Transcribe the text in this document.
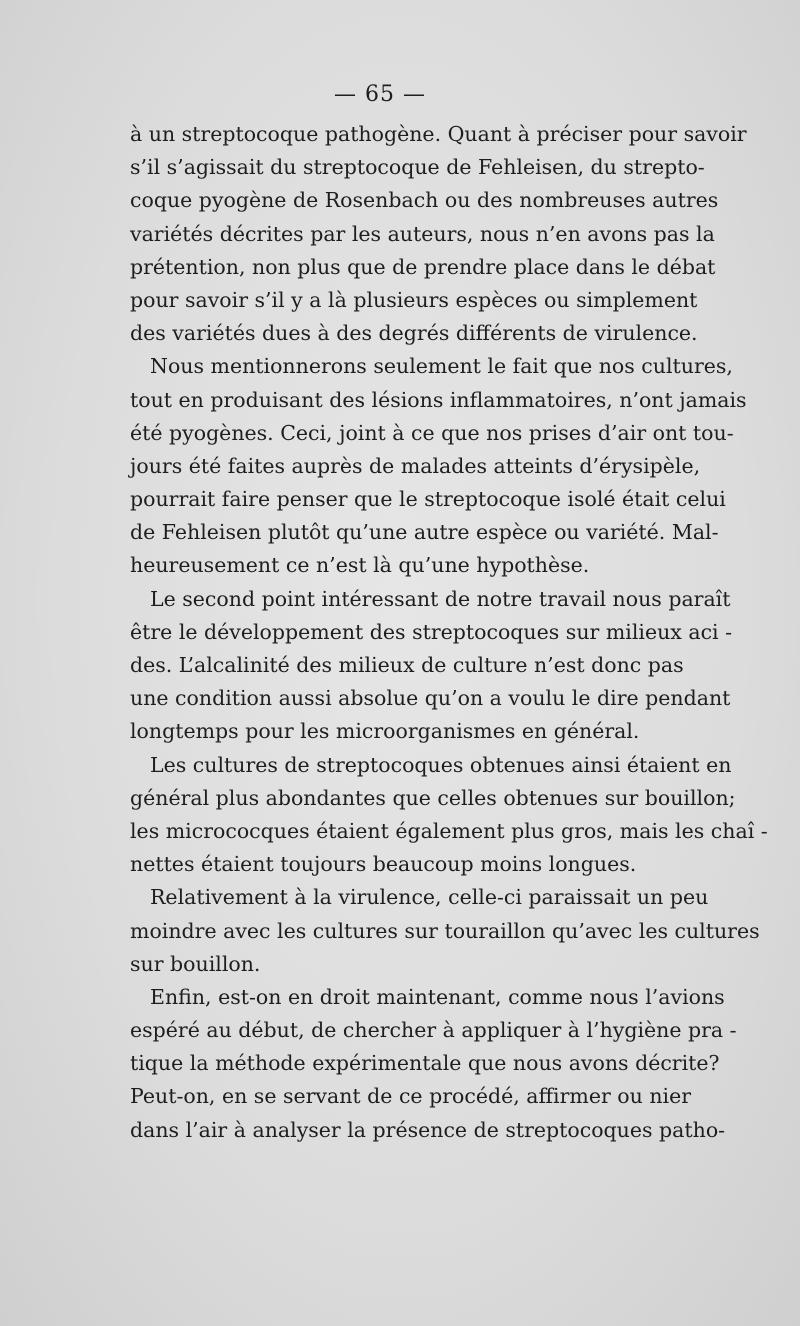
— 65 —
à un streptocoque pathogène. Quant à préciser pour savoir
s’il s’agissait du streptocoque de Fehleisen, du strepto-
coque pyogène de Rosenbach ou des nombreuses autres
variétés décrites par les auteurs, nous n’en avons pas la
prétention, non plus que de prendre place dans le débat
pour savoir s’il y a là plusieurs espèces ou simplement
des variétés dues à des degrés différents de virulence.
Nous mentionnerons seulement le fait que nos cultures,
tout en produisant des lésions inflammatoires, n’ont jamais
été pyogènes. Ceci, joint à ce que nos prises d’air ont tou-
jours été faites auprès de malades atteints d’érysipèle,
pourrait faire penser que le streptocoque isolé était celui
de Fehleisen plutôt qu’une autre espèce ou variété. Mal-
heureusement ce n’est là qu’une hypothèse.
Le second point intéressant de notre travail nous paraît
être le développement des streptocoques sur milieux aci -
des. L’alcalinité des milieux de culture n’est donc pas
une condition aussi absolue qu’on a voulu le dire pendant
longtemps pour les microorganismes en général.
Les cultures de streptocoques obtenues ainsi étaient en
général plus abondantes que celles obtenues sur bouillon;
les micrococques étaient également plus gros, mais les chaî -
nettes étaient toujours beaucoup moins longues.
Relativement à la virulence, celle-ci paraissait un peu
moindre avec les cultures sur touraillon qu’avec les cultures
sur bouillon.
Enfin, est-on en droit maintenant, comme nous l’avions
espéré au début, de chercher à appliquer à l’hygiène pra -
tique la méthode expérimentale que nous avons décrite?
Peut-on, en se servant de ce procédé, affirmer ou nier
dans l’air à analyser la présence de streptocoques patho-
